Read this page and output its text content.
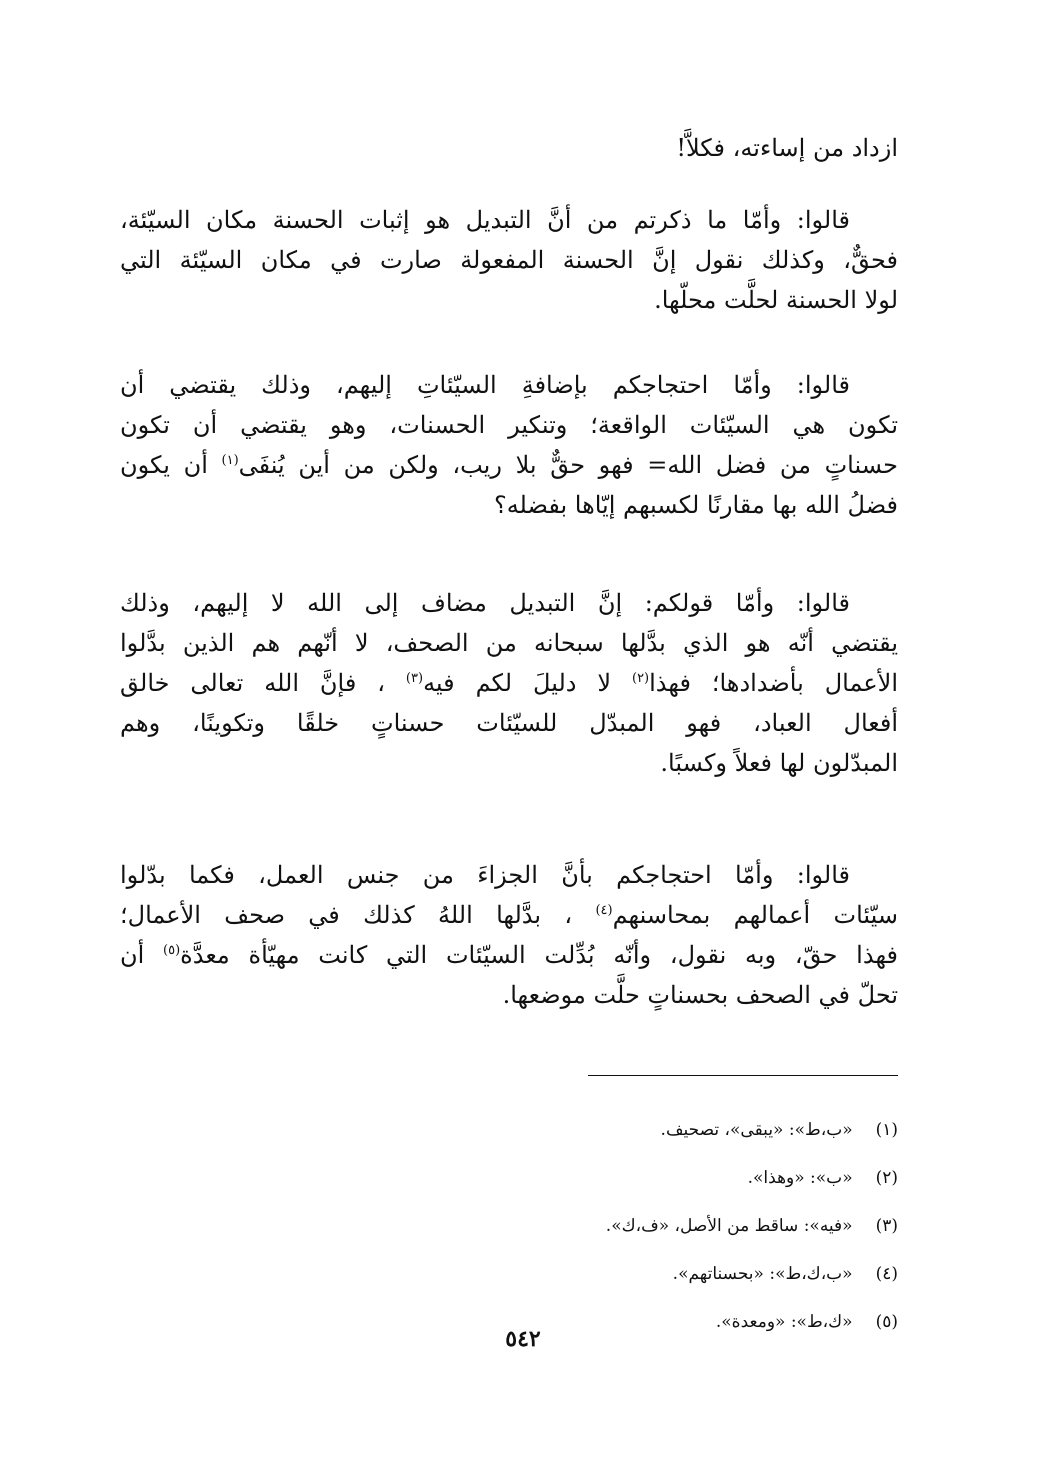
ازداد من إساءته، فكلاَّ!

قالوا: وأمّا ما ذكرتم من أنَّ التبديل هو إثبات الحسنة مكان السيّئة،

فحقٌّ، وكذلك نقول إنَّ الحسنة المفعولة صارت في مكان السيّئة التي

لولا الحسنة لحلَّت محلّها.

قالوا: وأمّا احتجاجكم بإضافةِ السيّئاتِ إليهم، وذلك يقتضي أن

تكون هي السيّئات الواقعة؛ وتنكير الحسنات، وهو يقتضي أن تكون

حسناتٍ من فضل الله= فهو حقٌّ بلا ريب، ولكن من أين يُنفَى$^{(١)}$ أن يكون

فضلُ الله بها مقارنًا لكسبهم إيّاها بفضله؟

قالوا: وأمّا قولكم: إنَّ التبديل مضاف إلى الله لا إليهم، وذلك

يقتضي أنّه هو الذي بدَّلها سبحانه من الصحف، لا أنّهم هم الذين بدَّلوا

الأعمال بأضدادها؛ فهذا$^{(٢)}$ لا دليلَ لكم فيه$^{(٣)}$ ، فإنَّ الله تعالى خالق

أفعال العباد، فهو المبدّل للسيّئات حسناتٍ خلقًا وتكوينًا، وهم

المبدّلون لها فعلاً وكسبًا.

قالوا: وأمّا احتجاجكم بأنَّ الجزاءَ من جنس العمل، فكما بدّلوا

سيّئات أعمالهم بمحاسنهم$^{(٤)}$ ، بدَّلها اللهُ كذلك في صحف الأعمال؛

فهذا حقّ، وبه نقول، وأنّه بُدِّلت السيّئات التي كانت مهيّأة معدَّة$^{(٥)}$ أن

تحلّ في الصحف بحسناتٍ حلَّت موضعها.

(١) «ب،ط»: «يبقى»، تصحيف.

(٢) «ب»: «وهذا».

(٣) «فيه»: ساقط من الأصل، «ف،ك».

(٤) «ب،ك،ط»: «بحسناتهم».

(٥) «ك،ط»: «ومعدة».

٥٤٢
